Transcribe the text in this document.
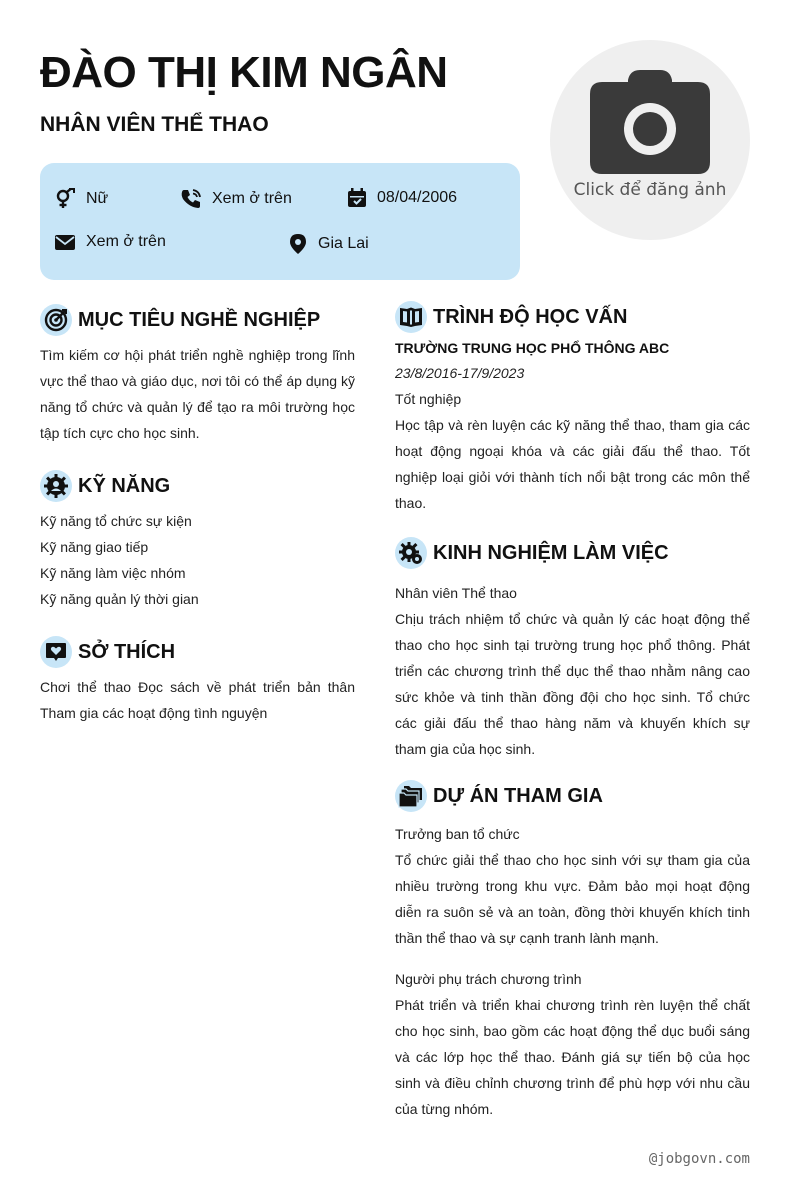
ĐÀO THỊ KIM NGÂN
NHÂN VIÊN THỂ THAO
Click để đăng ảnh
Nữ	Xem ở trên	08/04/2006
Xem ở trên	Gia Lai
MỤC TIÊU NGHỀ NGHIỆP
Tìm kiếm cơ hội phát triển nghề nghiệp trong lĩnh vực thể thao và giáo dục, nơi tôi có thể áp dụng kỹ năng tổ chức và quản lý để tạo ra môi trường học tập tích cực cho học sinh.
KỸ NĂNG
Kỹ năng tổ chức sự kiện
Kỹ năng giao tiếp
Kỹ năng làm việc nhóm
Kỹ năng quản lý thời gian
SỞ THÍCH
Chơi thể thao Đọc sách về phát triển bản thân Tham gia các hoạt động tình nguyện
TRÌNH ĐỘ HỌC VẤN
TRƯỜNG TRUNG HỌC PHỔ THÔNG ABC
23/8/2016-17/9/2023
Tốt nghiệp
Học tập và rèn luyện các kỹ năng thể thao, tham gia các hoạt động ngoại khóa và các giải đấu thể thao. Tốt nghiệp loại giỏi với thành tích nổi bật trong các môn thể thao.
KINH NGHIỆM LÀM VIỆC
Nhân viên Thể thao
Chịu trách nhiệm tổ chức và quản lý các hoạt động thể thao cho học sinh tại trường trung học phổ thông. Phát triển các chương trình thể dục thể thao nhằm nâng cao sức khỏe và tinh thần đồng đội cho học sinh. Tổ chức các giải đấu thể thao hàng năm và khuyến khích sự tham gia của học sinh.
DỰ ÁN THAM GIA
Trưởng ban tổ chức
Tổ chức giải thể thao cho học sinh với sự tham gia của nhiều trường trong khu vực. Đảm bảo mọi hoạt động diễn ra suôn sẻ và an toàn, đồng thời khuyến khích tinh thần thể thao và sự cạnh tranh lành mạnh.
Người phụ trách chương trình
Phát triển và triển khai chương trình rèn luyện thể chất cho học sinh, bao gồm các hoạt động thể dục buổi sáng và các lớp học thể thao. Đánh giá sự tiến bộ của học sinh và điều chỉnh chương trình để phù hợp với nhu cầu của từng nhóm.
@jobgovn.com
